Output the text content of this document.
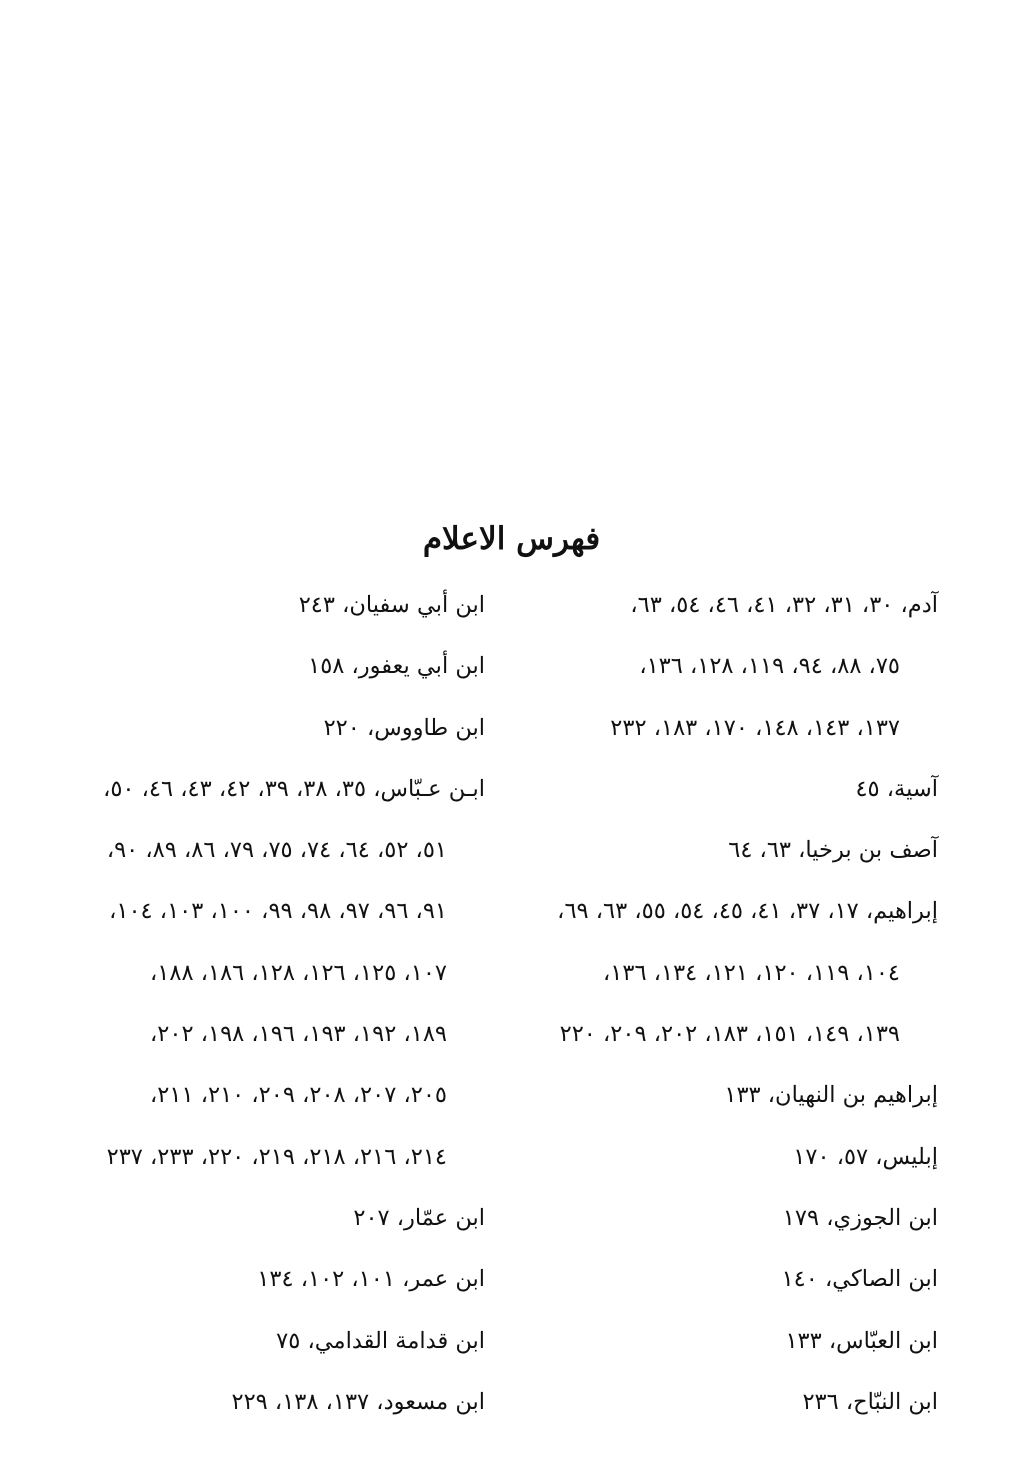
فهرس الاعلام
آدم، ٣٠، ٣١، ٣٢، ٤١، ٤٦، ٥٤، ٦٣،
٧٥، ٨٨، ٩٤، ١١٩، ١٢٨، ١٣٦،
١٣٧، ١٤٣، ١٤٨، ١٧٠، ١٨٣، ٢٣٢
آسية، ٤٥
آصف بن برخيا، ٦٣، ٦٤
إبراهيم، ١٧، ٣٧، ٤١، ٤٥، ٥٤، ٥٥، ٦٣، ٦٩،
١٠٤، ١١٩، ١٢٠، ١٢١، ١٣٤، ١٣٦،
١٣٩، ١٤٩، ١٥١، ١٨٣، ٢٠٢، ٢٠٩، ٢٢٠
إبراهيم بن النهيان، ١٣٣
إبليس، ٥٧، ١٧٠
ابن الجوزي، ١٧٩
ابن الصاكي، ١٤٠
ابن العبّاس، ١٣٣
ابن النبّاح، ٢٣٦
ابن أبي سفيان، ٢٤٣
ابن أبي يعفور، ١٥٨
ابن طاووس، ٢٢٠
ابـن عـبّاس، ٣٥، ٣٨، ٣٩، ٤٢، ٤٣، ٤٦، ٥٠،
٥١، ٥٢، ٦٤، ٧٤، ٧٥، ٧٩، ٨٦، ٨٩، ٩٠،
٩١، ٩٦، ٩٧، ٩٨، ٩٩، ١٠٠، ١٠٣، ١٠٤،
١٠٧، ١٢٥، ١٢٦، ١٢٨، ١٨٦، ١٨٨،
١٨٩، ١٩٢، ١٩٣، ١٩٦، ١٩٨، ٢٠٢،
٢٠٥، ٢٠٧، ٢٠٨، ٢٠٩، ٢١٠، ٢١١،
٢١٤، ٢١٦، ٢١٨، ٢١٩، ٢٢٠، ٢٣٣، ٢٣٧
ابن عمّار، ٢٠٧
ابن عمر، ١٠١، ١٠٢، ١٣٤
ابن قدامة القدامي، ٧٥
ابن مسعود، ١٣٧، ١٣٨، ٢٢٩
